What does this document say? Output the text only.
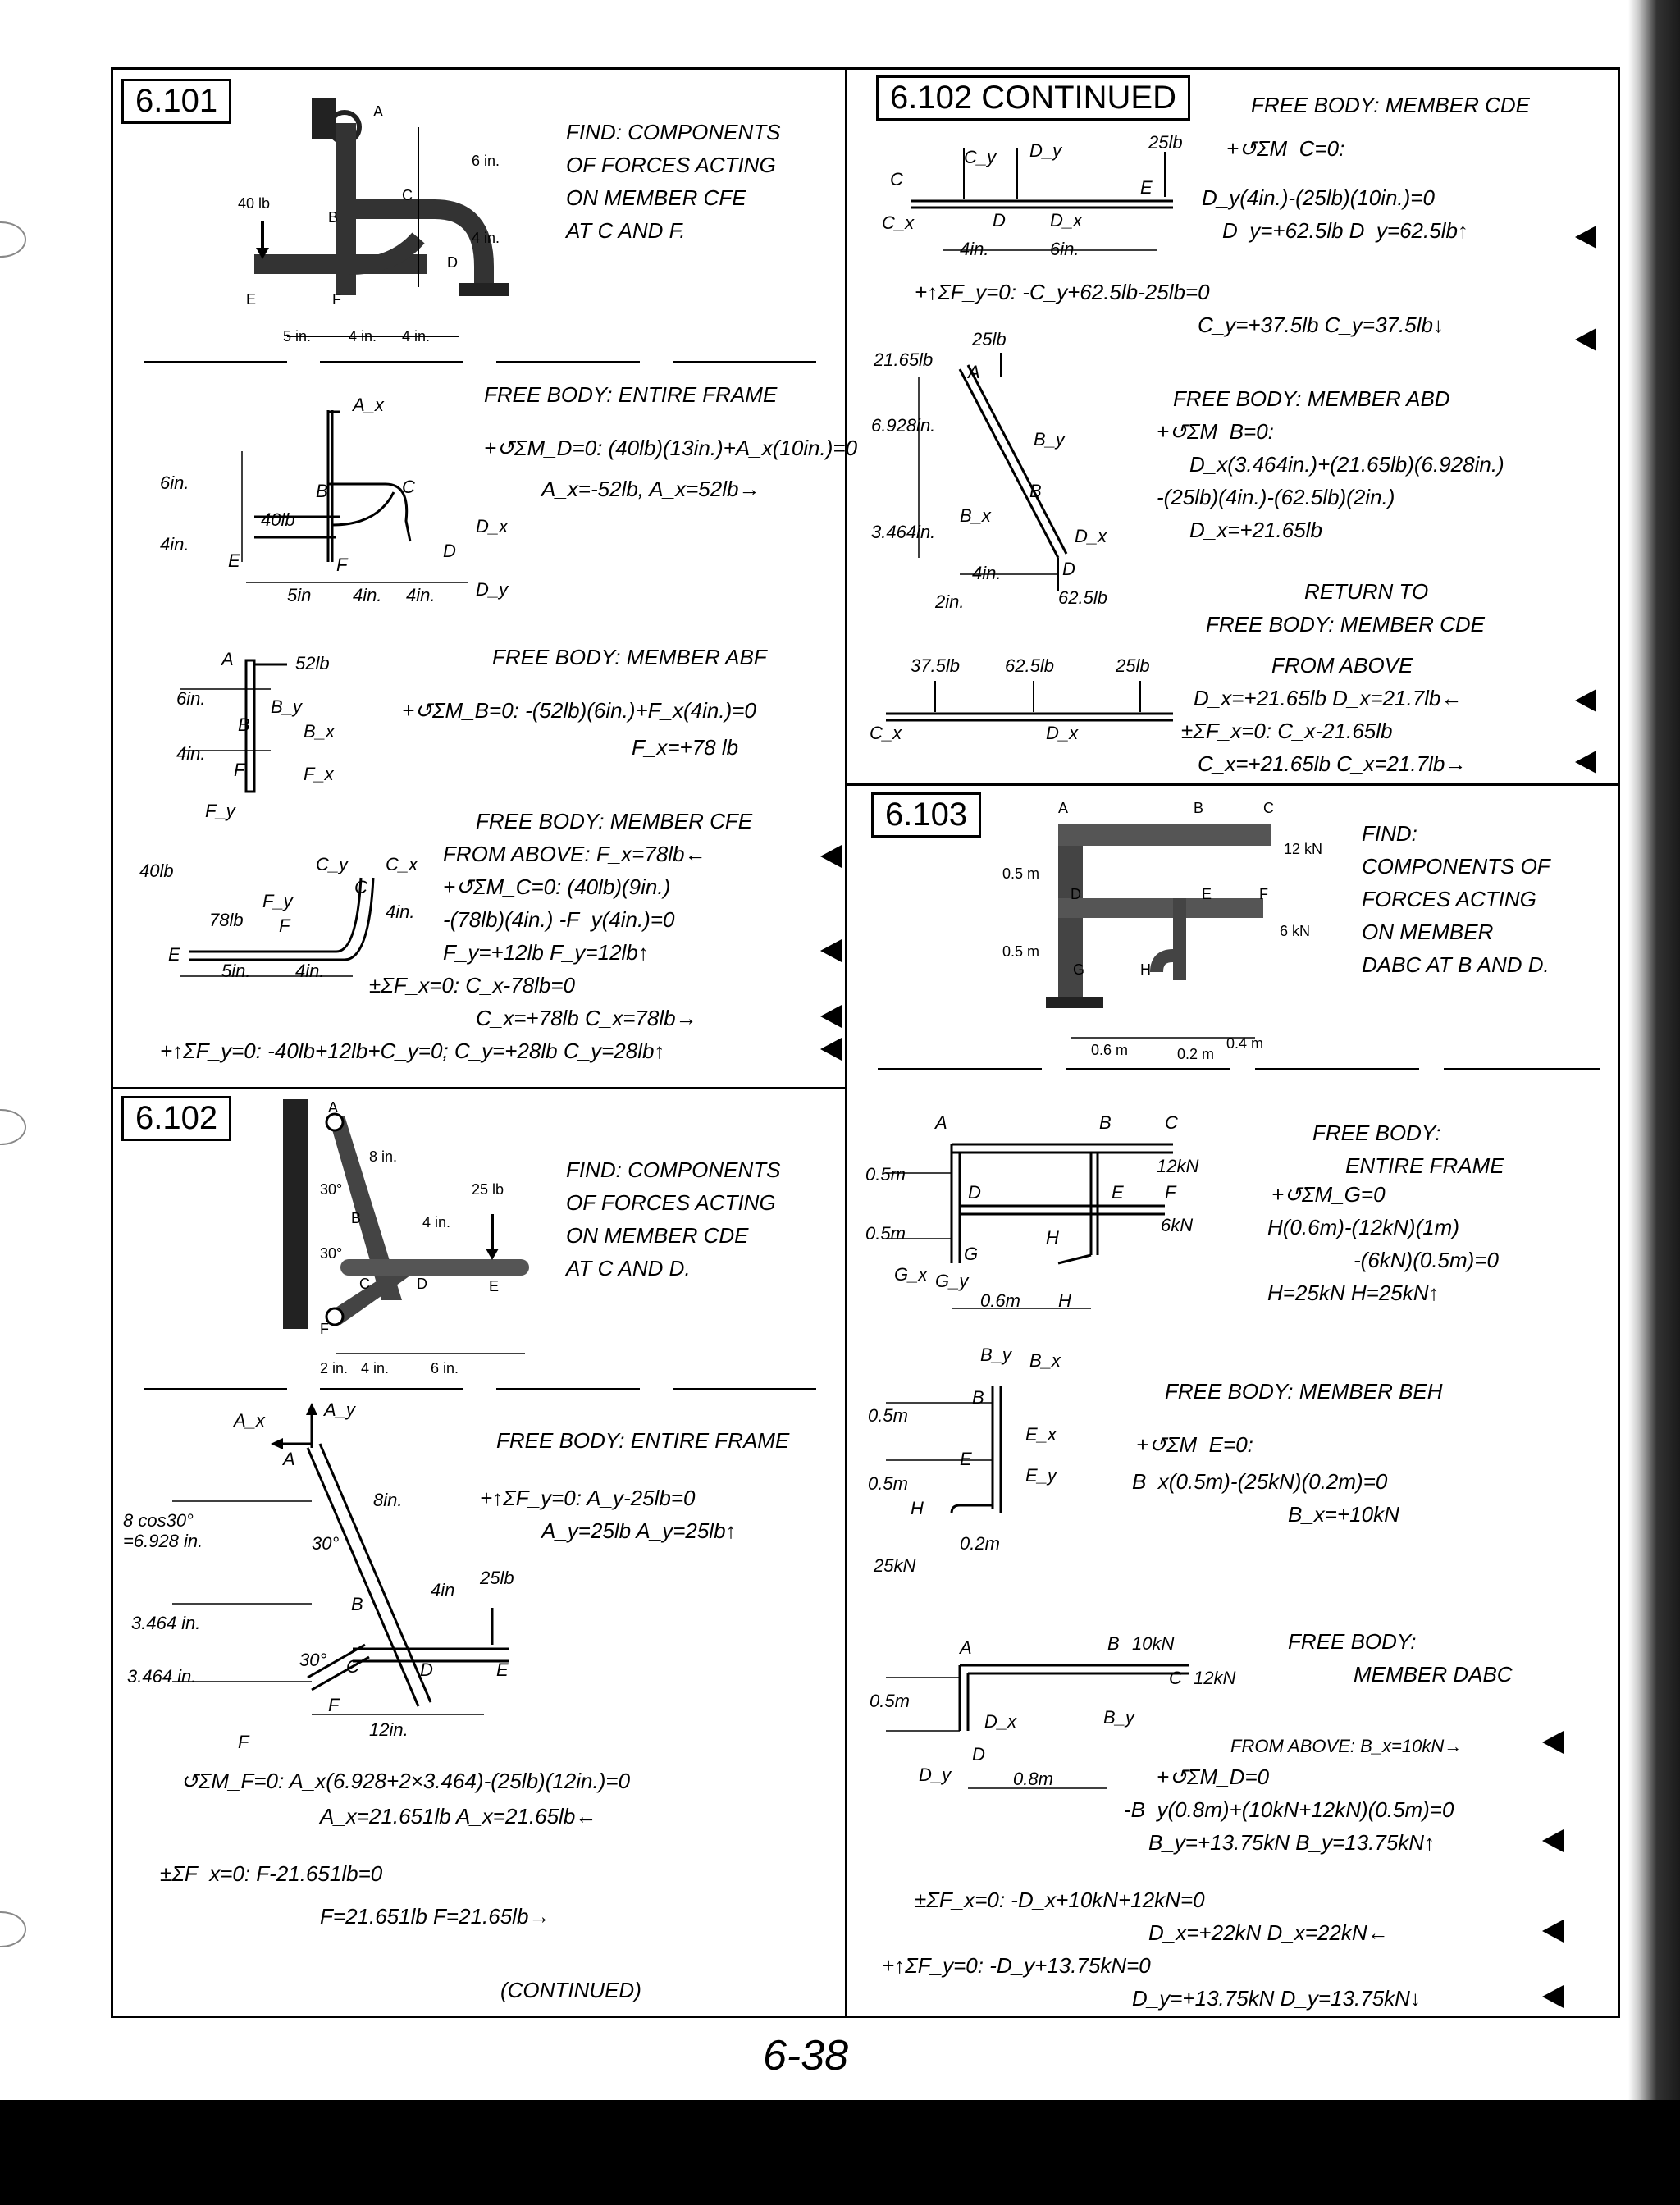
6.101	A
B
C
D
E	F
40 lb
6 in.
4 in.
5 in.	4 in. 4 in.
FIND: COMPONENTS
OF FORCES ACTING
ON MEMBER CFE
AT C AND F.
FREE BODY: ENTIRE FRAME
+↺ΣM_D=0: (40lb)(13in.)+A_x(10in.)=0
A_x=-52lb, A_x=52lb→
A_x
B	C
D
E	F
D_x
D_y
40lb
6in.
4in.
5in 4in. 4in.
FREE BODY: MEMBER ABF
+↺ΣM_B=0: -(52lb)(6in.)+F_x(4in.)=0
F_x=+78 lb
A	52lb
6in.
B
B_y
B_x
4in.
F	F_x
F_y	FREE BODY: MEMBER CFE
FROM ABOVE: F_x=78lb←
+↺ΣM_C=0: (40lb)(9in.)
-(78lb)(4in.) -F_y(4in.)=0
F_y=+12lb F_y=12lb↑
±ΣF_x=0: C_x-78lb=0
C_x=+78lb C_x=78lb→
+↑ΣF_y=0: -40lb+12lb+C_y=0; C_y=+28lb C_y=28lb↑
40lb	C_y C_x
C
F_y
78lb F
E
5in. 4in.
4in.
6.102	A
B
C	D	E
F
25 lb
30°
30°
8 in.
4 in.
2 in. 4 in.	6 in.
FIND: COMPONENTS
OF FORCES ACTING
ON MEMBER CDE
AT C AND D.
FREE BODY: ENTIRE FRAME
+↑ΣF_y=0: A_y-25lb=0
A_y=25lb A_y=25lb↑
↺ΣM_F=0: A_x(6.928+2×3.464)-(25lb)(12in.)=0
A_x=21.651lb A_x=21.65lb←
±ΣF_x=0: F-21.651lb=0
F=21.651lb F=21.65lb→
(CONTINUED)
A_x
A_y
A
8 cos30°
=6.928 in.
8in.
30°
4in
25lb
B
3.464 in.
3.464 in.
30° C	D	E
F
F
12in.
6.102 CONTINUED	FREE BODY: MEMBER CDE
+↺ΣM_C=0:
D_y(4in.)-(25lb)(10in.)=0
D_y=+62.5lb D_y=62.5lb↑
+↑ΣF_y=0: -C_y+62.5lb-25lb=0
C_y=+37.5lb C_y=37.5lb↓
C_y D_y	25lb
C
C_x	D D_x
E
4in.	6in.
FREE BODY: MEMBER ABD
+↺ΣM_B=0:
D_x(3.464in.)+(21.65lb)(6.928in.)
-(25lb)(4in.)-(62.5lb)(2in.)
D_x=+21.65lb
21.65lb
25lb
A
6.928in.
B_y
B
B_x
3.464in.	D_x
D
4in.
2in.	62.5lb	RETURN TO
FREE BODY: MEMBER CDE
FROM ABOVE
D_x=+21.65lb D_x=21.7lb←
±ΣF_x=0: C_x-21.65lb
C_x=+21.65lb C_x=21.7lb→
37.5lb	62.5lb	25lb
C_x	D_x
6.103	A	B	C
D	E	F
G	H
12 kN
6 kN
0.5 m
0.5 m
0.6 m	0.2 m
0.4 m
FIND:
COMPONENTS OF
FORCES ACTING
ON MEMBER
DABC AT B AND D.
FREE BODY:
ENTIRE FRAME
+↺ΣM_G=0
H(0.6m)-(12kN)(1m)
-(6kN)(0.5m)=0
H=25kN H=25kN↑
A	B	C
D	E F
G
H
12kN
6kN
0.5m
0.5m
G_x G_y
0.6m H
FREE BODY: MEMBER BEH
+↺ΣM_E=0:
B_x(0.5m)-(25kN)(0.2m)=0
B_x=+10kN
B_y B_x
B
0.5m
E_x
E
E_y
0.5m
H
0.2m
25kN
FREE BODY:
MEMBER DABC
FROM ABOVE: B_x=10kN→
+↺ΣM_D=0
-B_y(0.8m)+(10kN+12kN)(0.5m)=0
B_y=+13.75kN B_y=13.75kN↑
±ΣF_x=0: -D_x+10kN+12kN=0
D_x=+22kN D_x=22kN←
+↑ΣF_y=0: -D_y+13.75kN=0
D_y=+13.75kN D_y=13.75kN↓
A	B 10kN
C 12kN
0.5m
D_x	B_y
D
D_y	0.8m
6-38
